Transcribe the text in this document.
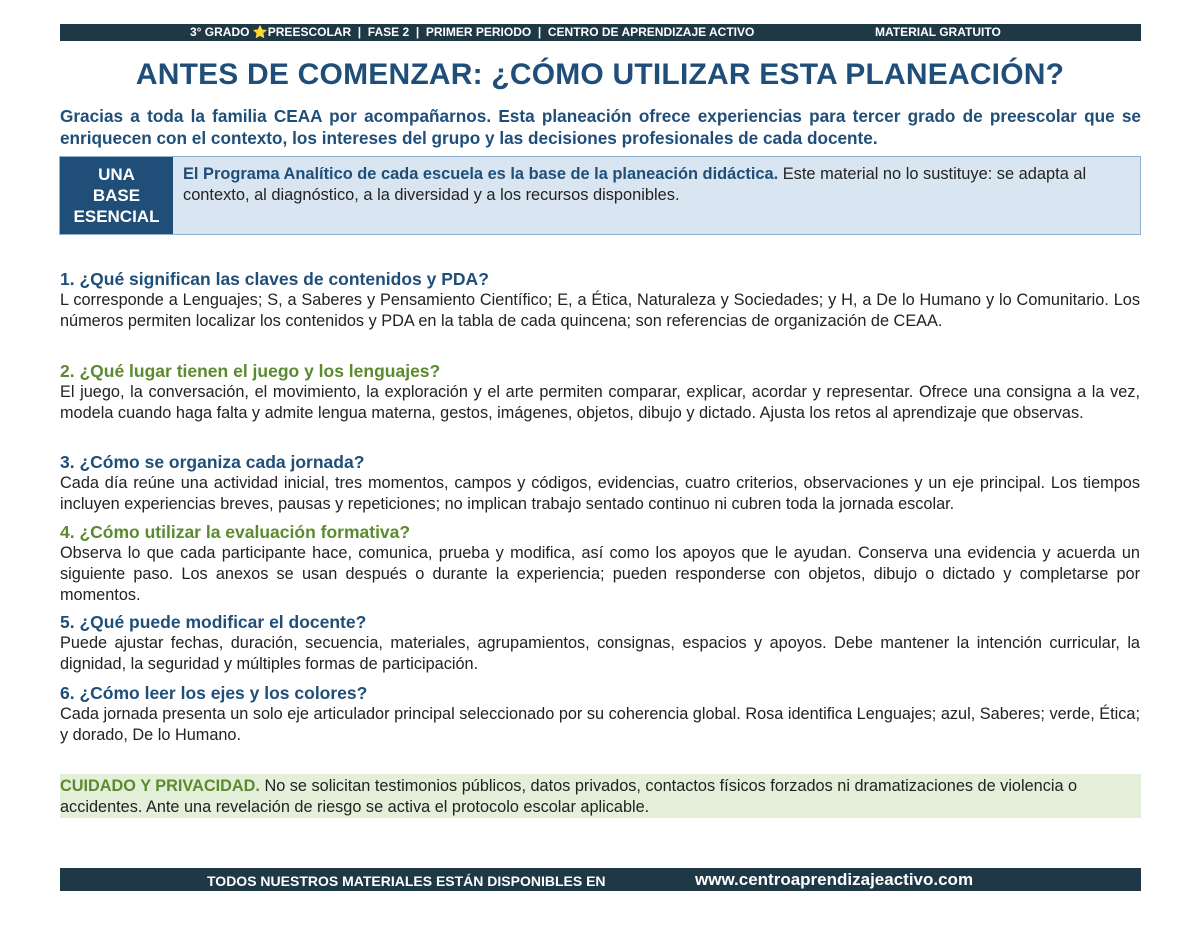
3° GRADO ⭐PREESCOLAR  |  FASE 2  |  PRIMER PERIODO  |  CENTRO DE APRENDIZAJE ACTIVO	MATERIAL GRATUITO
ANTES DE COMENZAR: ¿CÓMO UTILIZAR ESTA PLANEACIÓN?
Gracias a toda la familia CEAA por acompañarnos. Esta planeación ofrece experiencias para tercer grado de preescolar que se enriquecen con el contexto, los intereses del grupo y las decisiones profesionales de cada docente.
UNA
BASE
ESENCIAL
El Programa Analítico de cada escuela es la base de la planeación didáctica. Este material no lo sustituye: se adapta al contexto, al diagnóstico, a la diversidad y a los recursos disponibles.
1. ¿Qué significan las claves de contenidos y PDA?

L corresponde a Lenguajes; S, a Saberes y Pensamiento Científico; E, a Ética, Naturaleza y Sociedades; y H, a De lo Humano y lo Comunitario. Los números permiten localizar los contenidos y PDA en la tabla de cada quincena; son referencias de organización de CEAA.

2. ¿Qué lugar tienen el juego y los lenguajes?

El juego, la conversación, el movimiento, la exploración y el arte permiten comparar, explicar, acordar y representar. Ofrece una consigna a la vez, modela cuando haga falta y admite lengua materna, gestos, imágenes, objetos, dibujo y dictado. Ajusta los retos al aprendizaje que observas.

3. ¿Cómo se organiza cada jornada?

Cada día reúne una actividad inicial, tres momentos, campos y códigos, evidencias, cuatro criterios, observaciones y un eje principal. Los tiempos incluyen experiencias breves, pausas y repeticiones; no implican trabajo sentado continuo ni cubren toda la jornada escolar.

4. ¿Cómo utilizar la evaluación formativa?

Observa lo que cada participante hace, comunica, prueba y modifica, así como los apoyos que le ayudan. Conserva una evidencia y acuerda un siguiente paso. Los anexos se usan después o durante la experiencia; pueden responderse con objetos, dibujo o dictado y completarse por momentos.

5. ¿Qué puede modificar el docente?

Puede ajustar fechas, duración, secuencia, materiales, agrupamientos, consignas, espacios y apoyos. Debe mantener la intención curricular, la dignidad, la seguridad y múltiples formas de participación.

6. ¿Cómo leer los ejes y los colores?

Cada jornada presenta un solo eje articulador principal seleccionado por su coherencia global. Rosa identifica Lenguajes; azul, Saberes; verde, Ética; y dorado, De lo Humano.

CUIDADO Y PRIVACIDAD. No se solicitan testimonios públicos, datos privados, contactos físicos forzados ni dramatizaciones de violencia o accidentes. Ante una revelación de riesgo se activa el protocolo escolar aplicable.
TODOS NUESTROS MATERIALES ESTÁN DISPONIBLES EN	www.centroaprendizajeactivo.com
